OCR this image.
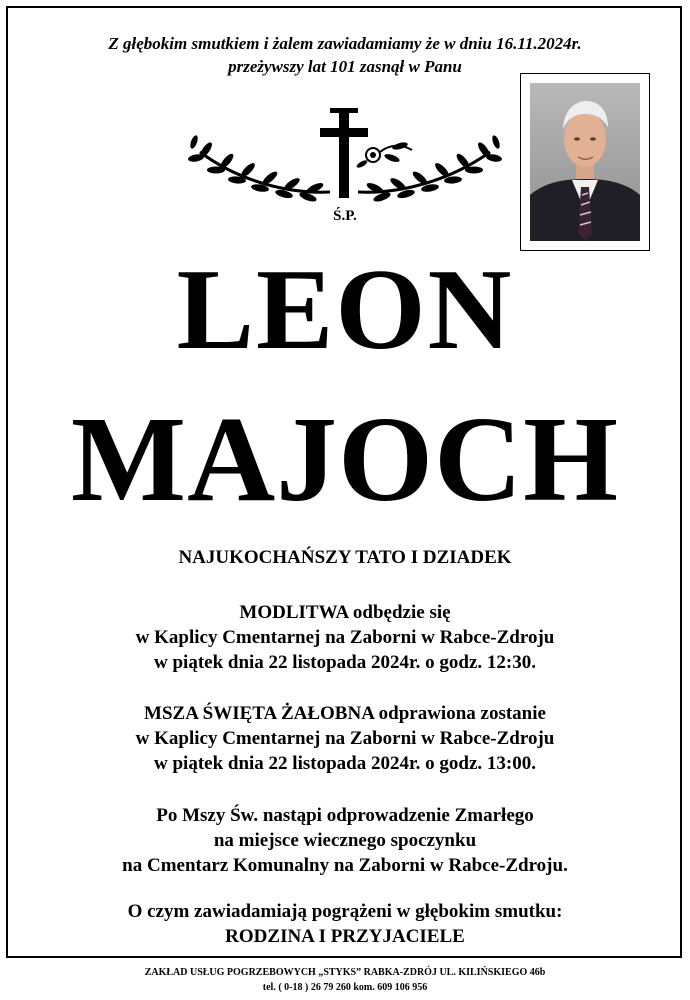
Z głębokim smutkiem i żalem zawiadamiamy że w dniu 16.11.2024r.
przeżywszy lat 101 zasnął w Panu
Ś.P.
LEON
MAJOCH
NAJUKOCHAŃSZY TATO I DZIADEK
MODLITWA odbędzie się
w Kaplicy Cmentarnej na Zaborni w Rabce-Zdroju
w piątek dnia 22 listopada 2024r. o godz. 12:30.
MSZA ŚWIĘTA ŻAŁOBNA odprawiona zostanie
w Kaplicy Cmentarnej na Zaborni w Rabce-Zdroju
w piątek dnia 22 listopada 2024r. o godz. 13:00.
Po Mszy Św. nastąpi odprowadzenie Zmarłego
na miejsce wiecznego spoczynku
na Cmentarz Komunalny na Zaborni w Rabce-Zdroju.
O czym zawiadamiają pogrążeni w głębokim smutku:
RODZINA I PRZYJACIELE
ZAKŁAD USŁUG POGRZEBOWYCH „STYKS” RABKA-ZDRÓJ UL. KILIŃSKIEGO 46b
tel. ( 0-18 ) 26 79 260 kom. 609 106 956
